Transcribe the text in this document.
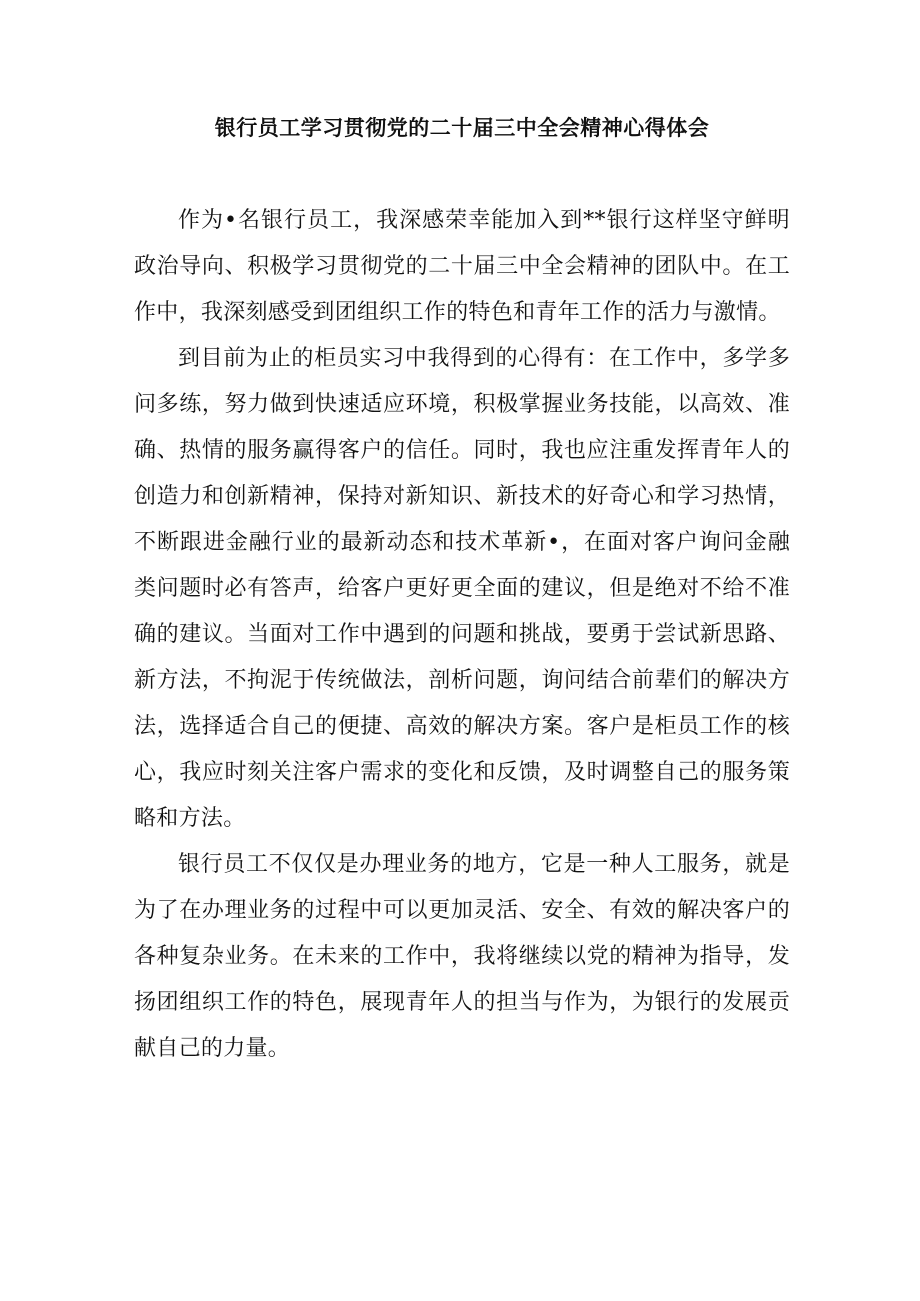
银行员工学习贯彻党的二十届三中全会精神心得体会

作为•名银行员工，我深感荣幸能加入到**银行这样坚守鲜明政治导向、积极学习贯彻党的二十届三中全会精神的团队中。在工作中，我深刻感受到团组织工作的特色和青年工作的活力与激情。

到目前为止的柜员实习中我得到的心得有：在工作中，多学多问多练，努力做到快速适应环境，积极掌握业务技能，以高效、准确、热情的服务赢得客户的信任。同时，我也应注重发挥青年人的创造力和创新精神，保持对新知识、新技术的好奇心和学习热情，不断跟进金融行业的最新动态和技术革新•，在面对客户询问金融类问题时必有答声，给客户更好更全面的建议，但是绝对不给不准确的建议。当面对工作中遇到的问题和挑战，要勇于尝试新思路、新方法，不拘泥于传统做法，剖析问题，询问结合前辈们的解决方法，选择适合自己的便捷、高效的解决方案。客户是柜员工作的核心，我应时刻关注客户需求的变化和反馈，及时调整自己的服务策略和方法。

银行员工不仅仅是办理业务的地方，它是一种人工服务，就是为了在办理业务的过程中可以更加灵活、安全、有效的解决客户的各种复杂业务。在未来的工作中，我将继续以党的精神为指导，发扬团组织工作的特色，展现青年人的担当与作为，为银行的发展贡献自己的力量。
